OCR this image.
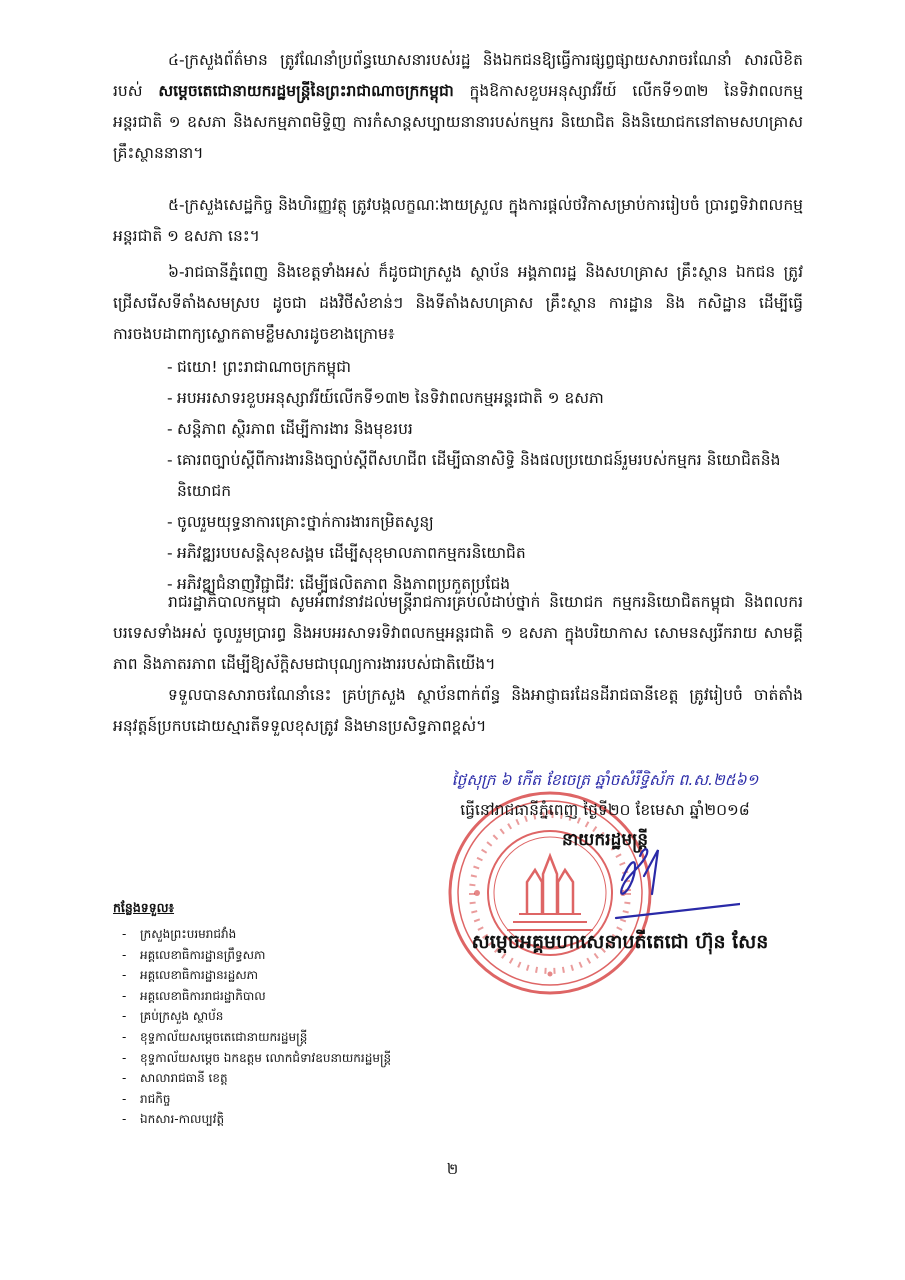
៤-ក្រសួងព័ត៌មាន ត្រូវណែនាំប្រព័ន្ធឃោសនារបស់រដ្ឋ និងឯកជនឱ្យធ្វើការផ្សព្វផ្សាយសារាចរណែនាំ សារលិខិតរបស់ សម្តេចតេជោនាយករដ្ឋមន្ត្រីនៃព្រះរាជាណាចក្រកម្ពុជា ក្នុងឱកាសខួបអនុស្សាវរីយ៍ លើកទី១៣២ នៃទិវាពលកម្មអន្តរជាតិ ១ ឧសភា និងសកម្មភាពមិទ្ទិញ ការកំសាន្តសប្បាយនានារបស់កម្មករ និយោជិត និងនិយោជកនៅតាមសហគ្រាស គ្រឹះស្ថាននានា។

៥-ក្រសួងសេដ្ឋកិច្ច និងហិរញ្ញវត្ថុ ត្រូវបង្កលក្ខណៈងាយស្រួល ក្នុងការផ្តល់ថវិកាសម្រាប់ការរៀបចំ ប្រារព្ធទិវាពលកម្មអន្តរជាតិ ១ ឧសភា នេះ។

៦-រាជធានីភ្នំពេញ និងខេត្តទាំងអស់ ក៏ដូចជាក្រសួង ស្ថាប័ន អង្គភាពរដ្ឋ និងសហគ្រាស គ្រឹះស្ថាន ឯកជន ត្រូវជ្រើសរើសទីតាំងសមស្រប ដូចជា ដងវិថីសំខាន់ៗ និងទីតាំងសហគ្រាស គ្រឹះស្ថាន ការដ្ឋាន និង កសិដ្ឋាន ដើម្បីធ្វើការចងបដាពាក្យស្លោកតាមខ្លឹមសារដូចខាងក្រោម៖

- ជយោ! ព្រះរាជាណាចក្រកម្ពុជា
- អបអរសាទរខួបអនុស្សាវរីយ៍លើកទី១៣២ នៃទិវាពលកម្មអន្តរជាតិ ១ ឧសភា
- សន្តិភាព ស្ថិរភាព ដើម្បីការងារ និងមុខរបរ
- គោរពច្បាប់ស្តីពីការងារនិងច្បាប់ស្តីពីសហជីព ដើម្បីធានាសិទ្ធិ និងផលប្រយោជន៍រួមរបស់កម្មករ និយោជិតនិងនិយោជក
- ចូលរួមយុទ្ធនាការគ្រោះថ្នាក់ការងារកម្រិតសូន្យ
- អភិវឌ្ឍរបបសន្តិសុខសង្គម ដើម្បីសុខុមាលភាពកម្មករនិយោជិត
- អភិវឌ្ឍជំនាញវិជ្ជាជីវៈ ដើម្បីផលិតភាព និងភាពប្រកួតប្រជែង

រាជរដ្ឋាភិបាលកម្ពុជា សូមអំពាវនាវដល់មន្ត្រីរាជការគ្រប់លំដាប់ថ្នាក់ និយោជក កម្មករនិយោជិតកម្ពុជា និងពលករបរទេសទាំងអស់ ចូលរួមប្រារព្ធ និងអបអរសាទរទិវាពលកម្មអន្តរជាតិ ១ ឧសភា ក្នុងបរិយាកាស សោមនស្សរីករាយ សាមគ្គីភាព និងភាតរភាព ដើម្បីឱ្យស័ក្តិសមជាបុណ្យការងាររបស់ជាតិយើង។

ទទួលបានសារាចរណែនាំនេះ គ្រប់ក្រសួង ស្ថាប័នពាក់ព័ន្ធ និងអាជ្ញាធរដែនដីរាជធានីខេត្ត ត្រូវរៀបចំ ចាត់តាំងអនុវត្តន៍ប្រកបដោយស្មារតីទទួលខុសត្រូវ និងមានប្រសិទ្ធភាពខ្ពស់។

ថ្ងៃសុក្រ ៦ កើត ខែចេត្រ ឆ្នាំចសំរឹទ្ធិស័ក ព.ស.២៥៦១
ធ្វើនៅរាជធានីភ្នំពេញ ថ្ងៃទី២០ ខែមេសា ឆ្នាំ២០១៨
នាយករដ្ឋមន្ត្រី
សម្តេចអគ្គមហាសេនាបតីតេជោ ហ៊ុន សែន
កន្លែងទទួល៖
- ក្រសួងព្រះបរមរាជវាំង
- អគ្គលេខាធិការដ្ឋានព្រឹទ្ធសភា
- អគ្គលេខាធិការដ្ឋានរដ្ឋសភា
- អគ្គលេខាធិការរាជរដ្ឋាភិបាល
- គ្រប់ក្រសួង ស្ថាប័ន
- ខុទ្ទកាល័យសម្តេចតេជោនាយករដ្ឋមន្ត្រី
- ខុទ្ទកាល័យសម្តេច ឯកឧត្តម លោកជំទាវឧបនាយករដ្ឋមន្ត្រី
- សាលារាជធានី ខេត្ត
- រាជកិច្ច
- ឯកសារ-កាលប្បវត្តិ
២
